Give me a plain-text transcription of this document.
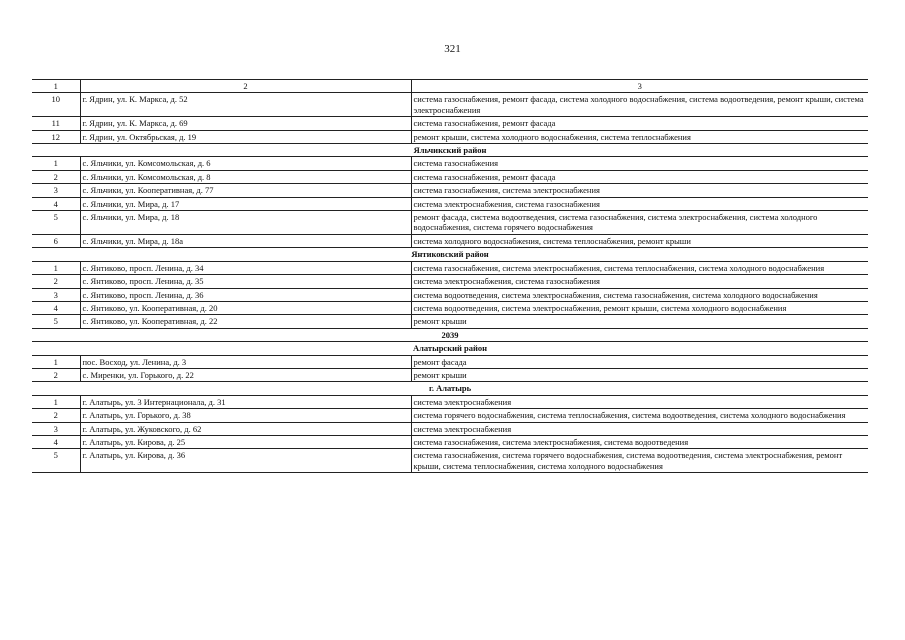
321
1	2	3
10	г. Ядрин, ул. К. Маркса, д. 52	система газоснабжения, ремонт фасада, система холодного водоснабжения, система водоотведения, ремонт крыши, система электроснабжения
11	г. Ядрин, ул. К. Маркса, д. 69	система газоснабжения, ремонт фасада
12	г. Ядрин, ул. Октябрьская, д. 19	ремонт крыши, система холодного водоснабжения, система теплоснабжения
Яльчикский район		
1	с. Яльчики, ул. Комсомольская, д. 6	система газоснабжения
2	с. Яльчики, ул. Комсомольская, д. 8	система газоснабжения, ремонт фасада
3	с. Яльчики, ул. Кооперативная, д. 77	система газоснабжения, система электроснабжения
4	с. Яльчики, ул. Мира, д. 17	система электроснабжения, система газоснабжения
5	с. Яльчики, ул. Мира, д. 18	ремонт фасада, система водоотведения, система газоснабжения, система электроснабжения, система холодного водоснабжения, система горячего водоснабжения
6	с. Яльчики, ул. Мира, д. 18а	система холодного водоснабжения, система теплоснабжения, ремонт крыши
Янтиковский район		
1	с. Янтиково, просп. Ленина, д. 34	система газоснабжения, система электроснабжения, система теплоснабжения, система холодного водоснабжения
2	с. Янтиково, просп. Ленина, д. 35	система электроснабжения, система газоснабжения
3	с. Янтиково, просп. Ленина, д. 36	система водоотведения, система электроснабжения, система газоснабжения, система холодного водоснабжения
4	с. Янтиково, ул. Кооперативная, д. 20	система водоотведения, система электроснабжения, ремонт крыши, система холодного водоснабжения
5	с. Янтиково, ул. Кооперативная, д. 22	ремонт крыши
2039		
Алатырский район		
1	пос. Восход, ул. Ленина, д. 3	ремонт фасада
2	с. Миренки, ул. Горького, д. 22	ремонт крыши
г. Алатырь		
1	г. Алатырь, ул. 3 Интернационала, д. 31	система электроснабжения
2	г. Алатырь, ул. Горького, д. 38	система горячего водоснабжения, система теплоснабжения, система водоотведения, система холодного водоснабжения
3	г. Алатырь, ул. Жуковского, д. 62	система электроснабжения
4	г. Алатырь, ул. Кирова, д. 25	система газоснабжения, система электроснабжения, система водоотведения
5	г. Алатырь, ул. Кирова, д. 36	система газоснабжения, система горячего водоснабжения, система водоотведения, система электроснабжения, ремонт крыши, система теплоснабжения, система холодного водоснабжения
